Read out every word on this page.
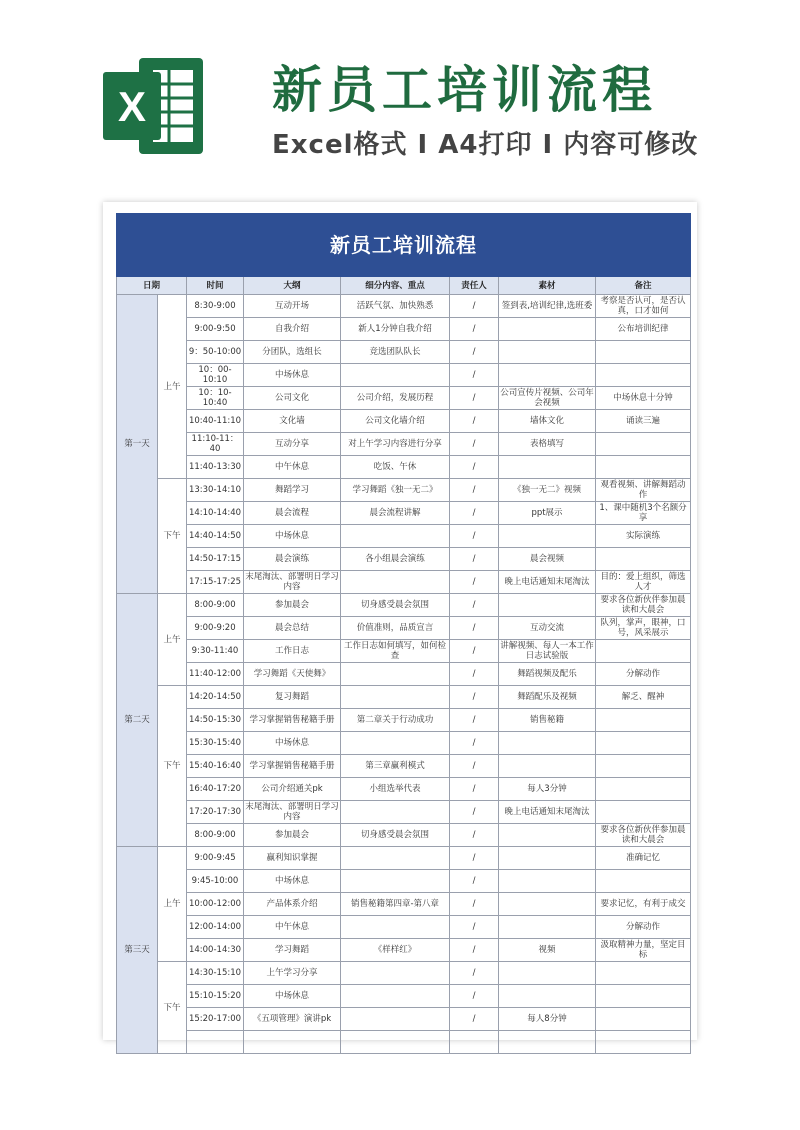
X	新员工培训流程
Excel格式 I A4打印 I 内容可修改
新员工培训流程							
日期		时间	大纲	细分内容、重点	责任人	素材	备注
第一天	上午	8:30-9:00	互动开场	活跃气氛、加快熟悉	/	签到表,培训纪律,选班委	考察是否认可，是否认真，口才如何
		9:00-9:50	自我介绍	新人1分钟自我介绍	/		公布培训纪律
		9：50-10:00	分团队，选组长	竞选团队队长	/		
		10：00-10:10	中场休息		/		
		10：10-10:40	公司文化	公司介绍，发展历程	/	公司宣传片视频、公司年会视频	中场休息十分钟
		10:40-11:10	文化墙	公司文化墙介绍	/	墙体文化	诵读三遍
		11:10-11：40	互动分享	对上午学习内容进行分享	/	表格填写	
		11:40-13:30	中午休息	吃饭、午休	/		
	下午	13:30-14:10	舞蹈学习	学习舞蹈《独一无二》	/	《独一无二》视频	观看视频、讲解舞蹈动作
		14:10-14:40	晨会流程	晨会流程讲解	/	ppt展示	1、课中随机3个名额分享
		14:40-14:50	中场休息		/		实际演练
		14:50-17:15	晨会演练	各小组晨会演练	/	晨会视频	
		17:15-17:25	末尾淘汰、部署明日学习内容		/	晚上电话通知末尾淘汰	目的：爱上组织，筛选人才
第二天	上午	8:00-9:00	参加晨会	切身感受晨会氛围	/		要求各位新伙伴参加晨读和大晨会
		9:00-9:20	晨会总结	价值准则，品质宣言	/	互动交流	队列，掌声，眼神，口号，风采展示
		9:30-11:40	工作日志	工作日志如何填写，如何检查	/	讲解视频、每人一本工作日志试验版	
		11:40-12:00	学习舞蹈《天使舞》		/	舞蹈视频及配乐	分解动作
	下午	14:20-14:50	复习舞蹈		/	舞蹈配乐及视频	解乏、醒神
		14:50-15:30	学习掌握销售秘籍手册	第二章关于行动成功	/	销售秘籍	
		15:30-15:40	中场休息		/		
		15:40-16:40	学习掌握销售秘籍手册	第三章赢利模式	/		
		16:40-17:20	公司介绍通关pk	小组选举代表	/	每人3分钟	
		17:20-17:30	末尾淘汰、部署明日学习内容		/	晚上电话通知末尾淘汰	
		8:00-9:00	参加晨会	切身感受晨会氛围	/		要求各位新伙伴参加晨读和大晨会
第三天	上午	9:00-9:45	赢利知识掌握		/		准确记忆
		9:45-10:00	中场休息		/		
		10:00-12:00	产品体系介绍	销售秘籍第四章-第八章	/		要求记忆，有利于成交
		12:00-14:00	中午休息		/		分解动作
		14:00-14:30	学习舞蹈	《样样红》	/	视频	汲取精神力量，坚定目标
	下午	14:30-15:10	上午学习分享		/		
		15:10-15:20	中场休息		/		
		15:20-17:00	《五项管理》演讲pk		/	每人8分钟	
